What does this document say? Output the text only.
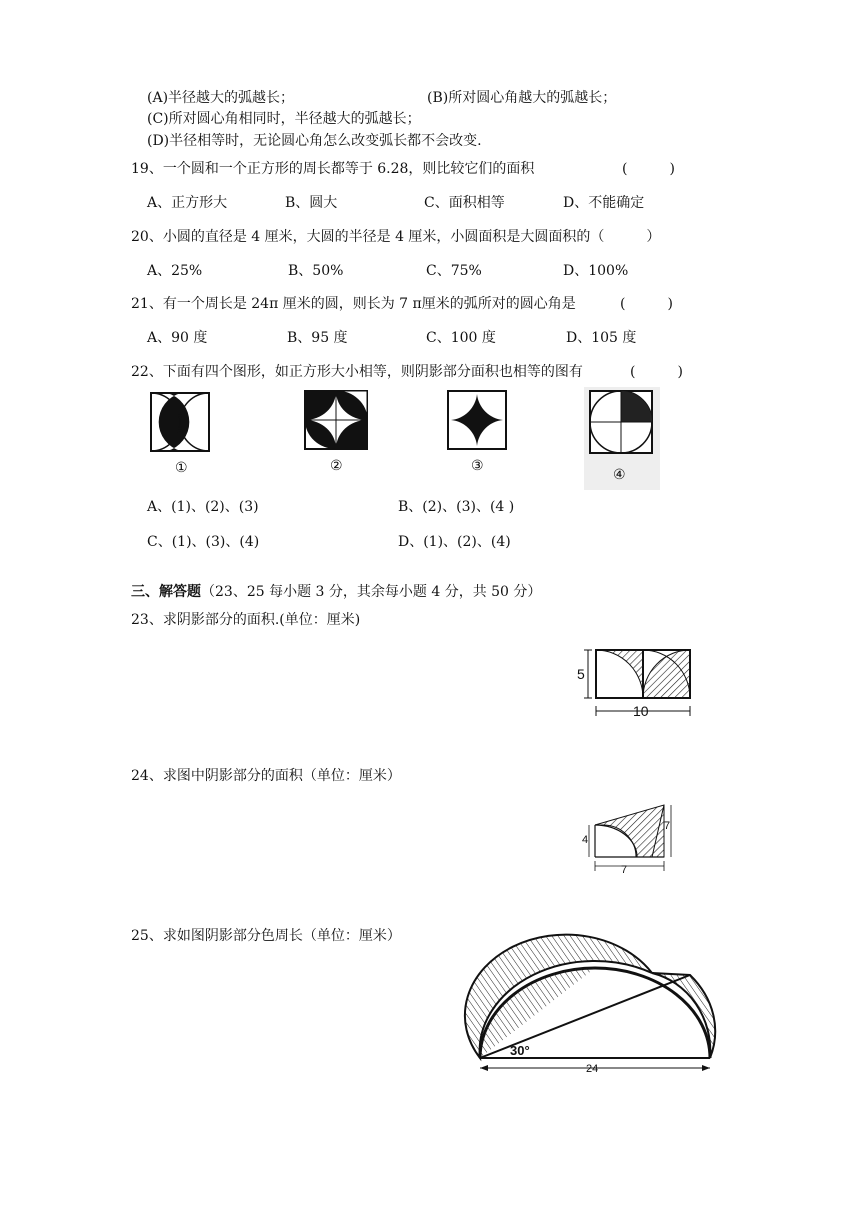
(A)半径越大的弧越长；	(B)所对圆心角越大的弧越长；
(C)所对圆心角相同时，半径越大的弧越长；
(D)半径相等时，无论圆心角怎么改变弧长都不会改变.
19、一个圆和一个正方形的周长都等于 6.28，则比较它们的面积	(　　　)
A、正方形大	B、圆大	C、面积相等	D、不能确定
20、小圆的直径是 4 厘米，大圆的半径是 4 厘米，小圆面积是大圆面积的（　　　）
A、25%	B、50%	C、75%	D、100%
21、有一个周长是 24π 厘米的圆，则长为 7 π厘米的弧所对的圆心角是	(　　　)
A、90 度	B、95 度	C、100 度	D、105 度
22、下面有四个图形，如正方形大小相等，则阴影部分面积也相等的图有	(　　　)
①	②	③
④
A、(1)、(2)、(3)	B、(2)、(3)、(4 )
C、(1)、(3)、(4)	D、(1)、(2)、(4)
三、解答题（23、25 每小题 3 分，其余每小题 4 分，共 50 分）
23、求阴影部分的面积.(单位：厘米)
5
10
24、求图中阴影部分的面积（单位：厘米）
4
7
7
25、求如图阴影部分色周长（单位：厘米）
30°
24
